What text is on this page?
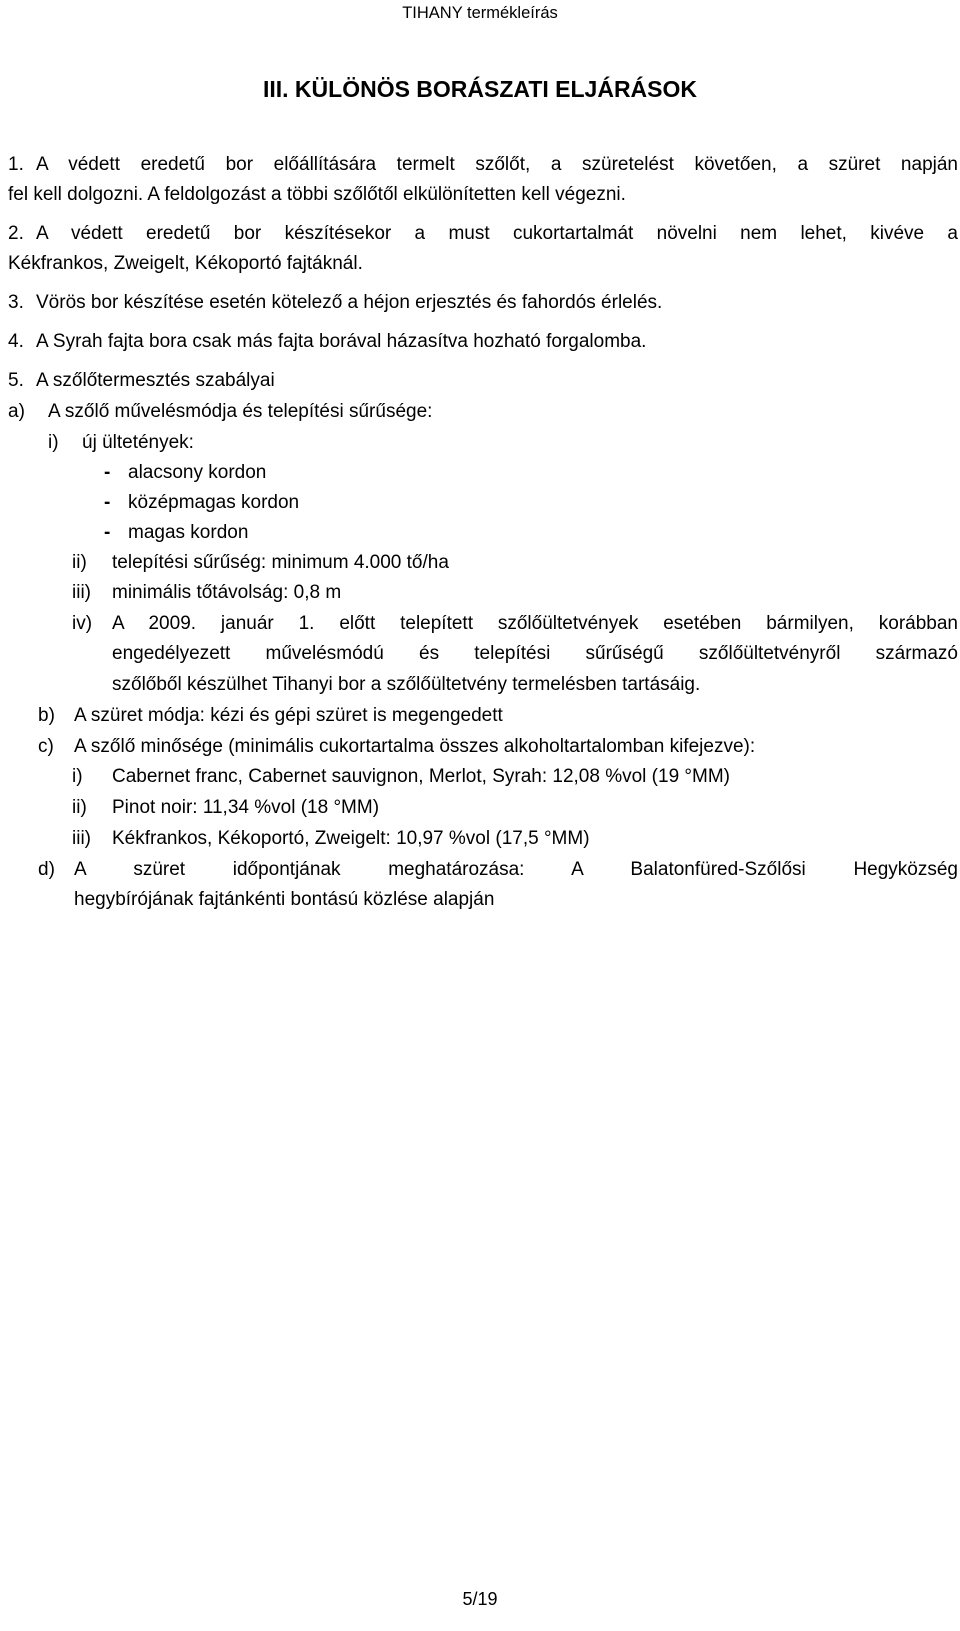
TIHANY termékleírás
III. KÜLÖNÖS BORÁSZATI ELJÁRÁSOK
1. A védett eredetű bor előállítására termelt szőlőt, a szüretelést követően, a szüret napján
fel kell dolgozni. A feldolgozást a többi szőlőtől elkülönítetten kell végezni.
2. A védett eredetű bor készítésekor a must cukortartalmát növelni nem lehet, kivéve a
Kékfrankos, Zweigelt, Kékoportó fajtáknál.
3. Vörös bor készítése esetén kötelező a héjon erjesztés és fahordós érlelés.
4. A Syrah fajta bora csak más fajta borával házasítva hozható forgalomba.
5. A szőlőtermesztés szabályai
a) A szőlő művelésmódja és telepítési sűrűsége:
i) új ültetények:
- alacsony kordon
- középmagas kordon
- magas kordon
ii) telepítési sűrűség: minimum 4.000 tő/ha
iii) minimális tőtávolság: 0,8 m
iv) A 2009. január 1. előtt telepített szőlőültetvények esetében bármilyen, korábban
engedélyezett művelésmódú és telepítési sűrűségű szőlőültetvényről származó
szőlőből készülhet Tihanyi bor a szőlőültetvény termelésben tartásáig.
b) A szüret módja: kézi és gépi szüret is megengedett
c) A szőlő minősége (minimális cukortartalma összes alkoholtartalomban kifejezve):
i) Cabernet franc, Cabernet sauvignon, Merlot, Syrah: 12,08 %vol (19 °MM)
ii) Pinot noir: 11,34 %vol (18 °MM)
iii) Kékfrankos, Kékoportó, Zweigelt: 10,97 %vol (17,5 °MM)
d) A szüret időpontjának meghatározása: A Balatonfüred-Szőlősi Hegyközség
hegybírójának fajtánkénti bontású közlése alapján
5/19
